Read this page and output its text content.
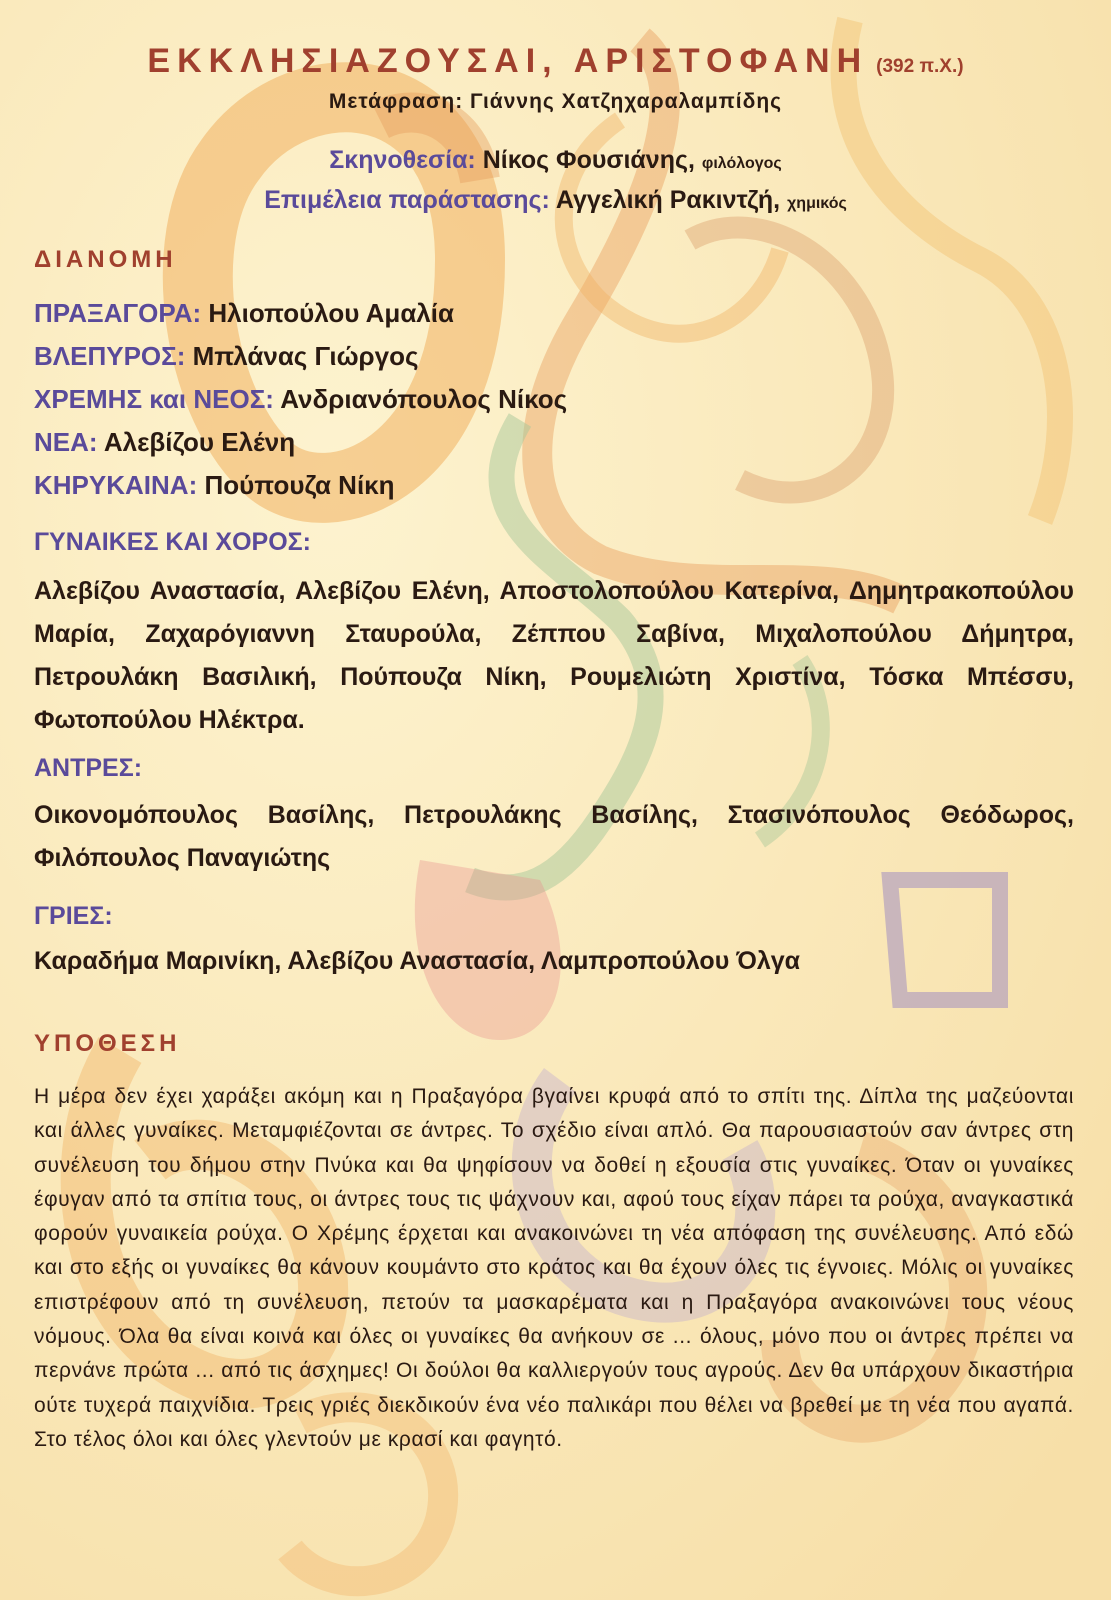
ΕΚΚΛΗΣΙΑΖΟΥΣΑΙ, ΑΡΙΣΤΟΦΑΝΗ (392 π.Χ.)
Μετάφραση: Γιάννης Χατζηχαραλαμπίδης
Σκηνοθεσία: Νίκος Φουσιάνης, φιλόλογος
Επιμέλεια παράστασης: Αγγελική Ρακιντζή, χημικός
ΔΙΑΝΟΜΗ
ΠΡΑΞΑΓΟΡΑ: Ηλιοπούλου Αμαλία
ΒΛΕΠΥΡΟΣ: Μπλάνας Γιώργος
ΧΡΕΜΗΣ και ΝΕΟΣ: Ανδριανόπουλος Νίκος
ΝΕΑ: Αλεβίζου Ελένη
ΚΗΡΥΚΑΙΝΑ: Πούπουζα Νίκη
ΓΥΝΑΙΚΕΣ ΚΑΙ ΧΟΡΟΣ:

Αλεβίζου Αναστασία, Αλεβίζου Ελένη, Αποστολοπούλου Κατερίνα, Δημητρακοπούλου Μαρία, Ζαχαρόγιαννη Σταυρούλα, Ζέππου Σαβίνα, Μιχαλοπούλου Δήμητρα, Πετρουλάκη Βασιλική, Πούπουζα Νίκη, Ρουμελιώτη Χριστίνα, Τόσκα Μπέσσυ, Φωτοπούλου Ηλέκτρα.

ΑΝΤΡΕΣ:

Οικονομόπουλος Βασίλης, Πετρουλάκης Βασίλης, Στασινόπουλος Θεόδωρος, Φιλόπουλος Παναγιώτης

ΓΡΙΕΣ:

Καραδήμα Μαρινίκη, Αλεβίζου Αναστασία, Λαμπροπούλου Όλγα

ΥΠΟΘΕΣΗ

Η μέρα δεν έχει χαράξει ακόμη και η Πραξαγόρα βγαίνει κρυφά από το σπίτι της. Δίπλα της μαζεύονται και άλλες γυναίκες. Μεταμφιέζονται σε άντρες. Το σχέδιο είναι απλό. Θα παρουσιαστούν σαν άντρες στη συνέλευση του δήμου στην Πνύκα και θα ψηφίσουν να δοθεί η εξουσία στις γυναίκες. Όταν οι γυναίκες έφυγαν από τα σπίτια τους, οι άντρες τους τις ψάχνουν και, αφού τους είχαν πάρει τα ρούχα, αναγκαστικά φορούν γυναικεία ρούχα. Ο Χρέμης έρχεται και ανακοινώνει τη νέα απόφαση της συνέλευσης. Από εδώ και στο εξής οι γυναίκες θα κάνουν κουμάντο στο κράτος και θα έχουν όλες τις έγνοιες. Μόλις οι γυναίκες επιστρέφουν από τη συνέλευση, πετούν τα μασκαρέματα και η Πραξαγόρα ανακοινώνει τους νέους νόμους. Όλα θα είναι κοινά και όλες οι γυναίκες θα ανήκουν σε ... όλους, μόνο που οι άντρες πρέπει να περνάνε πρώτα ... από τις άσχημες! Οι δούλοι θα καλλιεργούν τους αγρούς. Δεν θα υπάρχουν δικαστήρια ούτε τυχερά παιχνίδια. Τρεις γριές διεκδικούν ένα νέο παλικάρι που θέλει να βρεθεί με τη νέα που αγαπά. Στο τέλος όλοι και όλες γλεντούν με κρασί και φαγητό.
